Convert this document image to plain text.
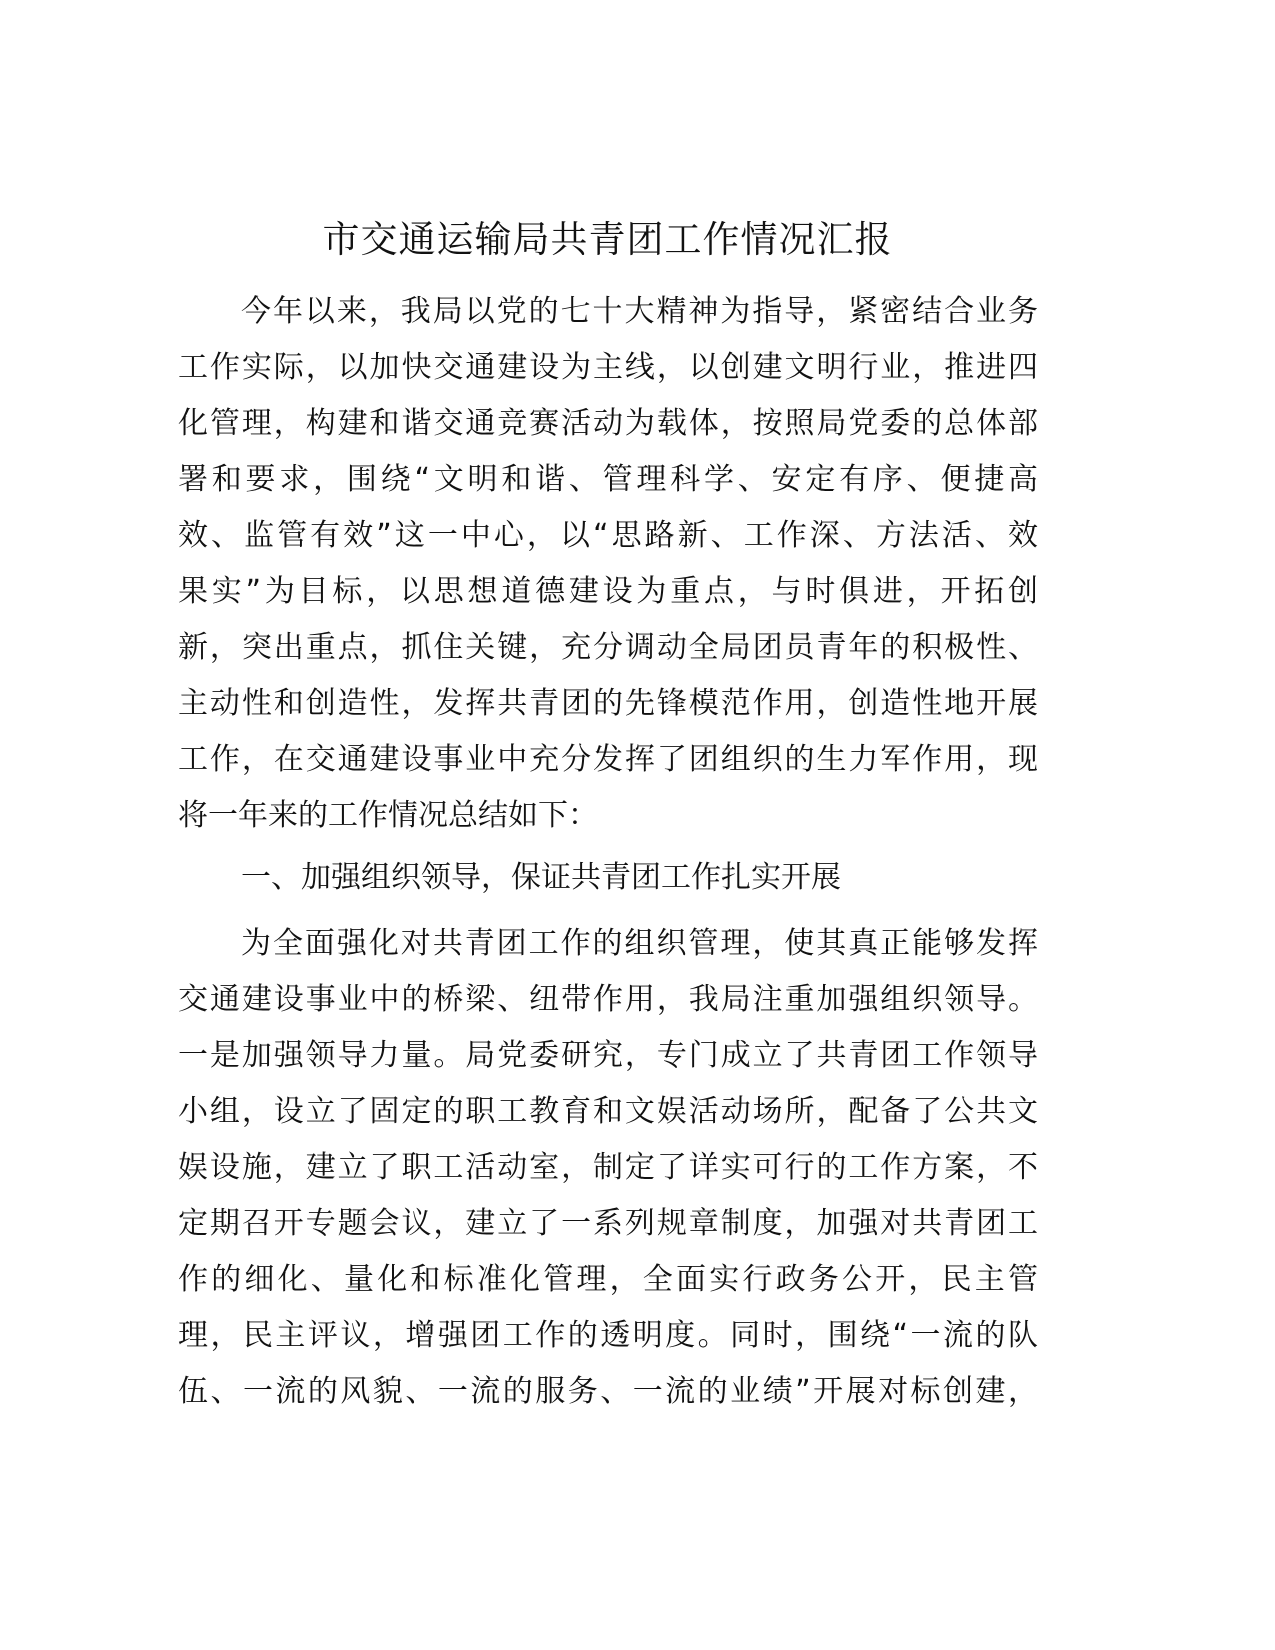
市交通运输局共青团工作情况汇报
今年以来，我局以党的七十大精神为指导，紧密结合业务
工作实际，以加快交通建设为主线，以创建文明行业，推进四
化管理，构建和谐交通竞赛活动为载体，按照局党委的总体部
署和要求，围绕“文明和谐、管理科学、安定有序、便捷高
效、监管有效”这一中心，以“思路新、工作深、方法活、效
果实”为目标，以思想道德建设为重点，与时俱进，开拓创
新，突出重点，抓住关键，充分调动全局团员青年的积极性、
主动性和创造性，发挥共青团的先锋模范作用，创造性地开展
工作，在交通建设事业中充分发挥了团组织的生力军作用，现
将一年来的工作情况总结如下：
一、加强组织领导，保证共青团工作扎实开展
为全面强化对共青团工作的组织管理，使其真正能够发挥
交通建设事业中的桥梁、纽带作用，我局注重加强组织领导。
一是加强领导力量。局党委研究，专门成立了共青团工作领导
小组，设立了固定的职工教育和文娱活动场所，配备了公共文
娱设施，建立了职工活动室，制定了详实可行的工作方案，不
定期召开专题会议，建立了一系列规章制度，加强对共青团工
作的细化、量化和标准化管理，全面实行政务公开，民主管
理，民主评议，增强团工作的透明度。同时，围绕“一流的队
伍、一流的风貌、一流的服务、一流的业绩”开展对标创建，
